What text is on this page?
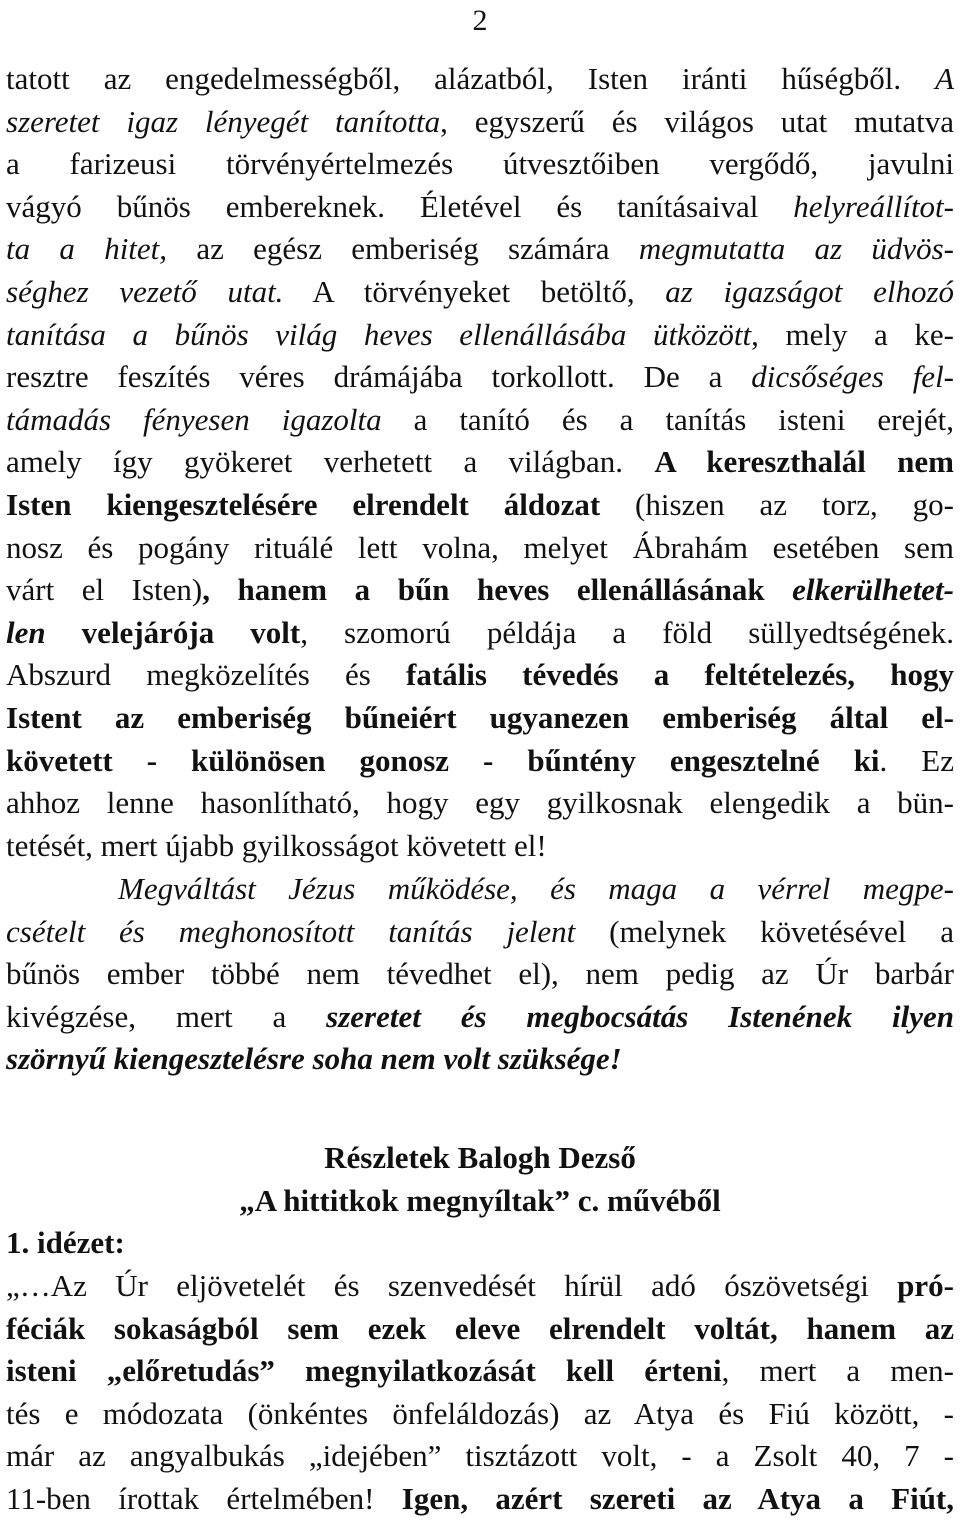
2
tatott az engedelmességből, alázatból, Isten iránti hűségből. A
szeretet igaz lényegét tanította, egyszerű és világos utat mutatva
a farizeusi törvényértelmezés útvesztőiben vergődő, javulni
vágyó bűnös embereknek. Életével és tanításaival helyreállítot-
ta a hitet, az egész emberiség számára megmutatta az üdvös-
séghez vezető utat. A törvényeket betöltő, az igazságot elhozó
tanítása a bűnös világ heves ellenállásába ütközött, mely a ke-
resztre feszítés véres drámájába torkollott. De a dicsőséges fel-
támadás fényesen igazolta a tanító és a tanítás isteni erejét,
amely így gyökeret verhetett a világban. A kereszthalál nem
Isten kiengesztelésére elrendelt áldozat (hiszen az torz, go-
nosz és pogány rituálé lett volna, melyet Ábrahám esetében sem
várt el Isten), hanem a bűn heves ellenállásának elkerülhetet-
len velejárója volt, szomorú példája a föld süllyedtségének.
Abszurd megközelítés és fatális tévedés a feltételezés, hogy
Istent az emberiség bűneiért ugyanezen emberiség által el-
követett - különösen gonosz - bűntény engesztelné ki. Ez
ahhoz lenne hasonlítható, hogy egy gyilkosnak elengedik a bün-
tetését, mert újabb gyilkosságot követett el!
Megváltást Jézus működése, és maga a vérrel megpe-
csételt és meghonosított tanítás jelent (melynek követésével a
bűnös ember többé nem tévedhet el), nem pedig az Úr barbár
kivégzése, mert a szeretet és megbocsátás Istenének ilyen
szörnyű kiengesztelésre soha nem volt szüksége!
Részletek Balogh Dezső
„A hittitkok megnyíltak” c. művéből
1. idézet:
„…Az Úr eljövetelét és szenvedését hírül adó ószövetségi pró-
féciák sokaságból sem ezek eleve elrendelt voltát, hanem az
isteni „előretudás” megnyilatkozását kell érteni, mert a men-
tés e módozata (önkéntes önfeláldozás) az Atya és Fiú között, -
már az angyalbukás „idejében” tisztázott volt, - a Zsolt 40, 7 -
11-ben írottak értelmében! Igen, azért szereti az Atya a Fiút,
